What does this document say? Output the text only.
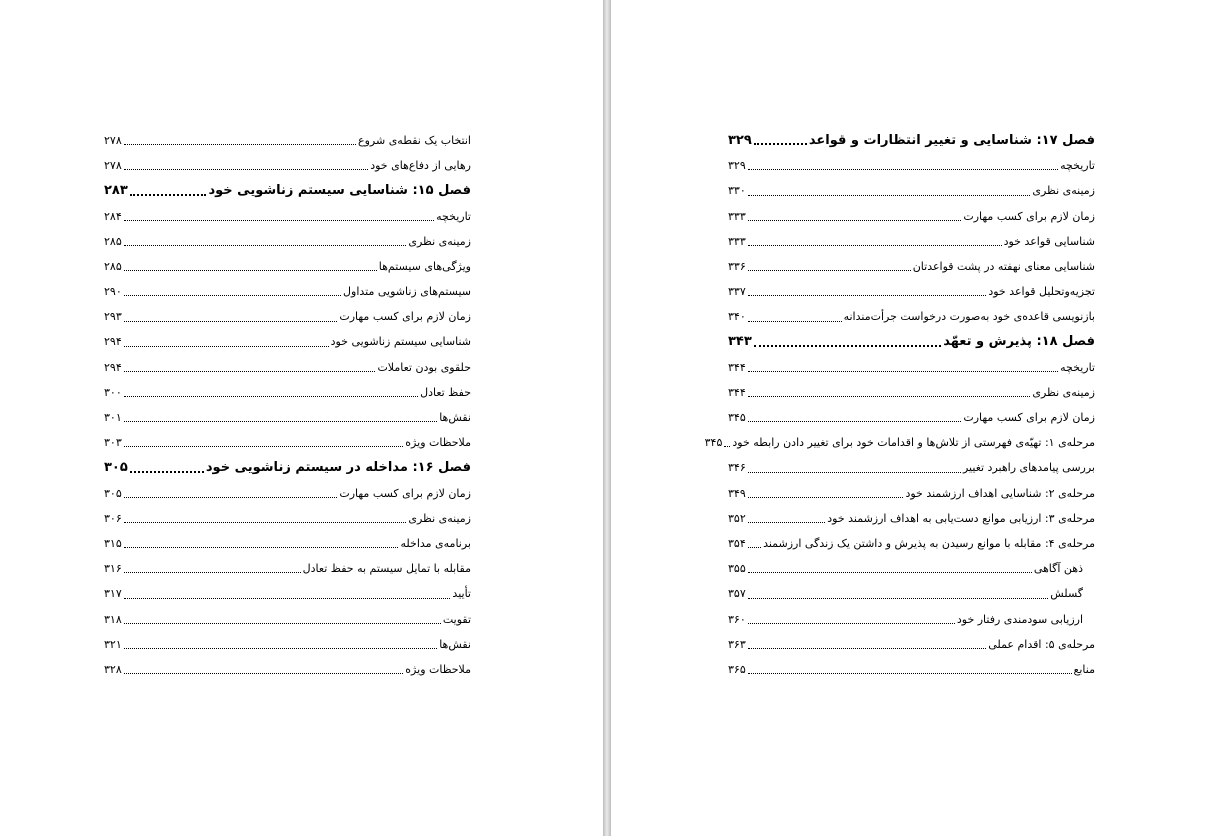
انتخاب یک نقطه‌ی شروع
۲۷۸
رهایی از دفاع‌های خود
۲۷۸
فصل ۱۵: شناسایی سیستم زناشویی خود
۲۸۳
تاریخچه
۲۸۴
زمینه‌ی نظری
۲۸۵
ویژگی‌های سیستم‌ها
۲۸۵
سیستم‌های زناشویی متداول
۲۹۰
زمان لازم برای کسب مهارت
۲۹۳
شناسایی سیستم زناشویی خود
۲۹۴
حلقوی بودن تعاملات
۲۹۴
حفظ تعادل
۳۰۰
نقش‌ها
۳۰۱
ملاحظات ویژه
۳۰۳
فصل ۱۶: مداخله در سیستم زناشویی خود
۳۰۵
زمان لازم برای کسب مهارت
۳۰۵
زمینه‌ی نظری
۳۰۶
برنامه‌ی مداخله
۳۱۵
مقابله با تمایل سیستم به حفظ تعادل
۳۱۶
تأیید
۳۱۷
تقویت
۳۱۸
نقش‌ها
۳۲۱
ملاحظات ویژه
۳۲۸
فصل ۱۷: شناسایی و تغییر انتظارات و قواعد
۳۲۹
تاریخچه
۳۲۹
زمینه‌ی نظری
۳۳۰
زمان لازم برای کسب مهارت
۳۳۳
شناسایی قواعد خود
۳۳۳
شناسایی معنای نهفته در پشت قواعدتان
۳۳۶
تجزیه‌وتحلیل قواعد خود
۳۳۷
بازنویسی قاعده‌ی خود به‌صورت درخواست جرأت‌مندانه
۳۴۰
فصل ۱۸: پذیرش و تعهّد
۳۴۳
تاریخچه
۳۴۴
زمینه‌ی نظری
۳۴۴
زمان لازم برای کسب مهارت
۳۴۵
مرحله‌ی ۱: تهیّه‌ی فهرستی از تلاش‌ها و اقدامات خود برای تغییر دادن رابطه خود
۳۴۵
بررسی پیامدهای راهبرد تغییر
۳۴۶
مرحله‌ی ۲: شناسایی اهداف ارزشمند خود
۳۴۹
مرحله‌ی ۳: ارزیابی موانع دست‌یابی به اهداف ارزشمند خود
۳۵۲
مرحله‌ی ۴: مقابله با موانع رسیدن به پذیرش و داشتن یک زندگی ارزشمند
۳۵۴
ذهن آگاهی
۳۵۵
گسلش
۳۵۷
ارزیابی سودمندی رفتار خود
۳۶۰
مرحله‌ی ۵: اقدام عملی
۳۶۳
منابع
۳۶۵
